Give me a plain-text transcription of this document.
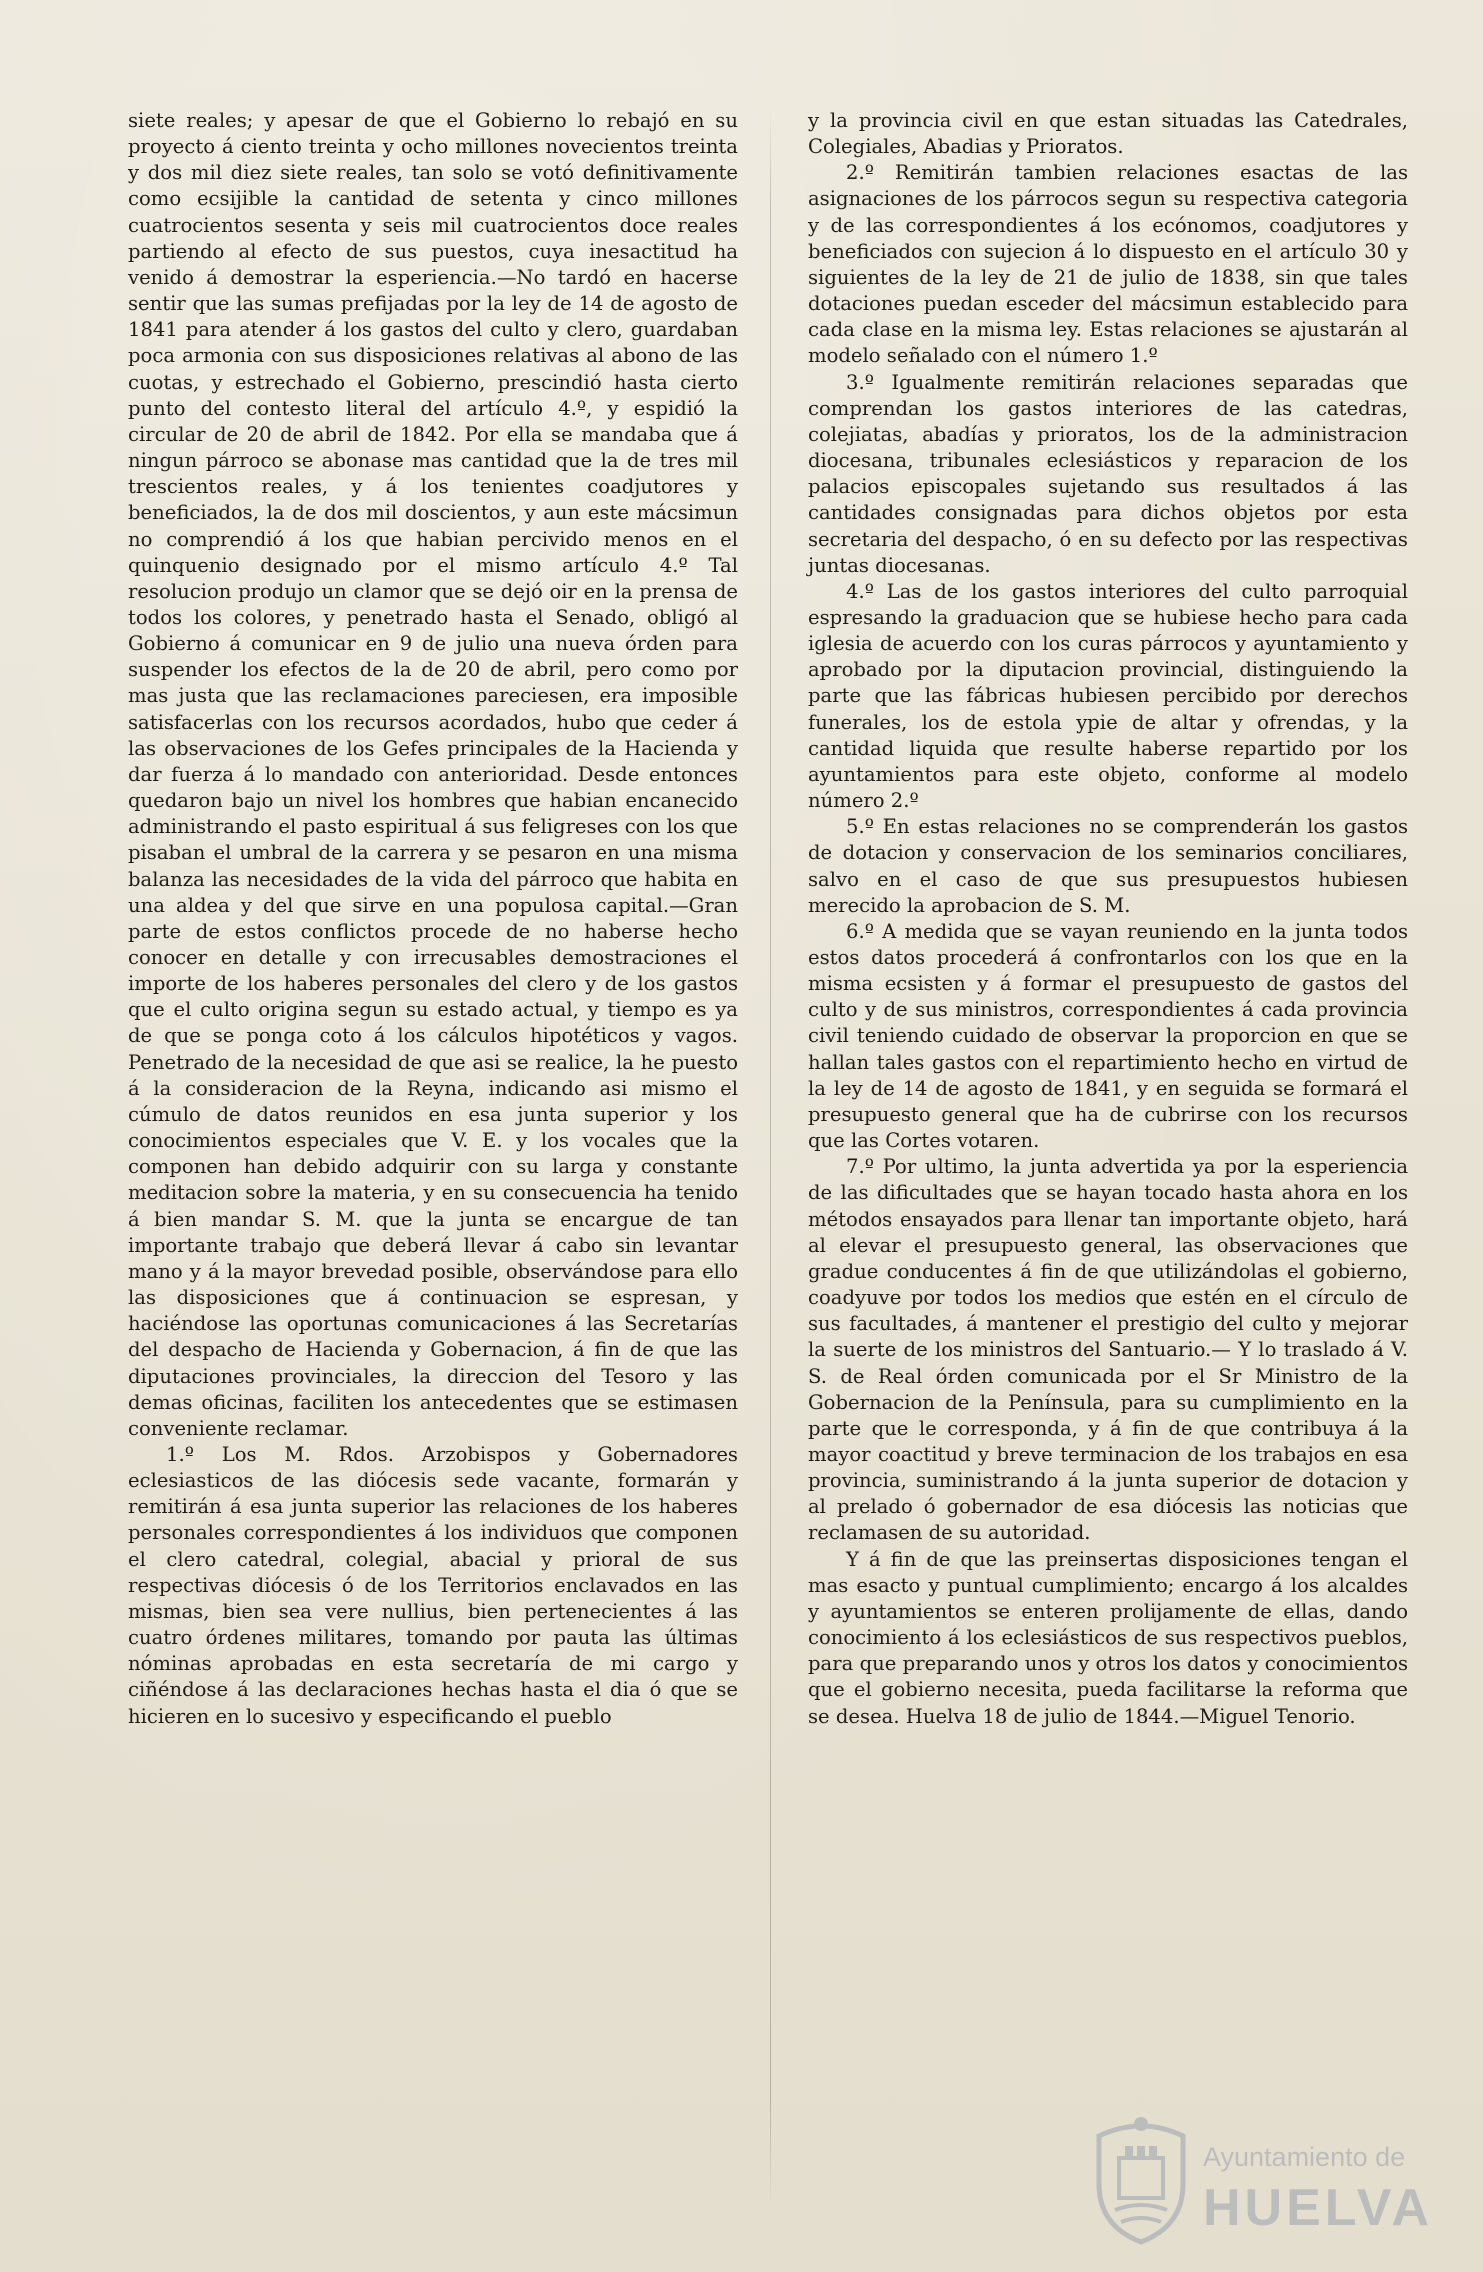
siete reales; y apesar de que el Gobierno lo rebajó en su proyecto á ciento treinta y ocho millones novecientos treinta y dos mil diez siete reales, tan solo se votó definitivamente como ecsijible la cantidad de setenta y cinco millones cuatrocientos sesenta y seis mil cuatrocientos doce reales partiendo al efecto de sus puestos, cuya inesactitud ha venido á demostrar la esperiencia.—No tardó en hacerse sentir que las sumas prefijadas por la ley de 14 de agosto de 1841 para atender á los gastos del culto y clero, guardaban poca armonia con sus disposiciones relativas al abono de las cuotas, y estrechado el Gobierno, prescindió hasta cierto punto del contesto literal del artículo 4.º, y espidió la circular de 20 de abril de 1842. Por ella se mandaba que á ningun párroco se abonase mas cantidad que la de tres mil trescientos reales, y á los tenientes coadjutores y beneficiados, la de dos mil doscientos, y aun este mácsimun no comprendió á los que habian percivido menos en el quinquenio designado por el mismo artículo 4.º Tal resolucion produjo un clamor que se dejó oir en la prensa de todos los colores, y penetrado hasta el Senado, obligó al Gobierno á comunicar en 9 de julio una nueva órden para suspender los efectos de la de 20 de abril, pero como por mas justa que las reclamaciones pareciesen, era imposible satisfacerlas con los recursos acordados, hubo que ceder á las observaciones de los Gefes principales de la Hacienda y dar fuerza á lo mandado con anterioridad. Desde entonces quedaron bajo un nivel los hombres que habian encanecido administrando el pasto espiritual á sus feligreses con los que pisaban el umbral de la carrera y se pesaron en una misma balanza las necesidades de la vida del párroco que habita en una aldea y del que sirve en una populosa capital.—Gran parte de estos conflictos procede de no haberse hecho conocer en detalle y con irrecusables demostraciones el importe de los haberes personales del clero y de los gastos que el culto origina segun su estado actual, y tiempo es ya de que se ponga coto á los cálculos hipotéticos y vagos. Penetrado de la necesidad de que asi se realice, la he puesto á la consideracion de la Reyna, indicando asi mismo el cúmulo de datos reunidos en esa junta superior y los conocimientos especiales que V. E. y los vocales que la componen han debido adquirir con su larga y constante meditacion sobre la materia, y en su consecuencia ha tenido á bien mandar S. M. que la junta se encargue de tan importante trabajo que deberá llevar á cabo sin levantar mano y á la mayor brevedad posible, observándose para ello las disposiciones que á continuacion se espresan, y haciéndose las oportunas comunicaciones á las Secretarías del despacho de Hacienda y Gobernacion, á fin de que las diputaciones provinciales, la direccion del Tesoro y las demas oficinas, faciliten los antecedentes que se estimasen conveniente reclamar.

1.º Los M. Rdos. Arzobispos y Gobernadores eclesiasticos de las diócesis sede vacante, formarán y remitirán á esa junta superior las relaciones de los haberes personales correspondientes á los individuos que componen el clero catedral, colegial, abacial y prioral de sus respectivas diócesis ó de los Territorios enclavados en las mismas, bien sea vere nullius, bien pertenecientes á las cuatro órdenes militares, tomando por pauta las últimas nóminas aprobadas en esta secretaría de mi cargo y ciñéndose á las declaraciones hechas hasta el dia ó que se hicieren en lo sucesivo y especificando el pueblo

y la provincia civil en que estan situadas las Catedrales, Colegiales, Abadias y Prioratos.

2.º Remitirán tambien relaciones esactas de las asignaciones de los párrocos segun su respectiva categoria y de las correspondientes á los ecónomos, coadjutores y beneficiados con sujecion á lo dispuesto en el artículo 30 y siguientes de la ley de 21 de julio de 1838, sin que tales dotaciones puedan esceder del mácsimun establecido para cada clase en la misma ley. Estas relaciones se ajustarán al modelo señalado con el número 1.º

3.º Igualmente remitirán relaciones separadas que comprendan los gastos interiores de las catedras, colejiatas, abadías y prioratos, los de la administracion diocesana, tribunales eclesiásticos y reparacion de los palacios episcopales sujetando sus resultados á las cantidades consignadas para dichos objetos por esta secretaria del despacho, ó en su defecto por las respectivas juntas diocesanas.

4.º Las de los gastos interiores del culto parroquial espresando la graduacion que se hubiese hecho para cada iglesia de acuerdo con los curas párrocos y ayuntamiento y aprobado por la diputacion provincial, distinguiendo la parte que las fábricas hubiesen percibido por derechos funerales, los de estola ypie de altar y ofrendas, y la cantidad liquida que resulte haberse repartido por los ayuntamientos para este objeto, conforme al modelo número 2.º

5.º En estas relaciones no se comprenderán los gastos de dotacion y conservacion de los seminarios conciliares, salvo en el caso de que sus presupuestos hubiesen merecido la aprobacion de S. M.

6.º A medida que se vayan reuniendo en la junta todos estos datos procederá á confrontarlos con los que en la misma ecsisten y á formar el presupuesto de gastos del culto y de sus ministros, correspondientes á cada provincia civil teniendo cuidado de observar la proporcion en que se hallan tales gastos con el repartimiento hecho en virtud de la ley de 14 de agosto de 1841, y en seguida se formará el presupuesto general que ha de cubrirse con los recursos que las Cortes votaren.

7.º Por ultimo, la junta advertida ya por la esperiencia de las dificultades que se hayan tocado hasta ahora en los métodos ensayados para llenar tan importante objeto, hará al elevar el presupuesto general, las observaciones que gradue conducentes á fin de que utilizándolas el gobierno, coadyuve por todos los medios que estén en el círculo de sus facultades, á mantener el prestigio del culto y mejorar la suerte de los ministros del Santuario.— Y lo traslado á V. S. de Real órden comunicada por el Sr Ministro de la Gobernacion de la Península, para su cumplimiento en la parte que le corresponda, y á fin de que contribuya á la mayor coactitud y breve terminacion de los trabajos en esa provincia, suministrando á la junta superior de dotacion y al prelado ó gobernador de esa diócesis las noticias que reclamasen de su autoridad.

Y á fin de que las preinsertas disposiciones tengan el mas esacto y puntual cumplimiento; encargo á los alcaldes y ayuntamientos se enteren prolijamente de ellas, dando conocimiento á los eclesiásticos de sus respectivos pueblos, para que preparando unos y otros los datos y conocimientos que el gobierno necesita, pueda facilitarse la reforma que se desea. Huelva 18 de julio de 1844.—Miguel Tenorio.

Ayuntamiento de
HUELVA
